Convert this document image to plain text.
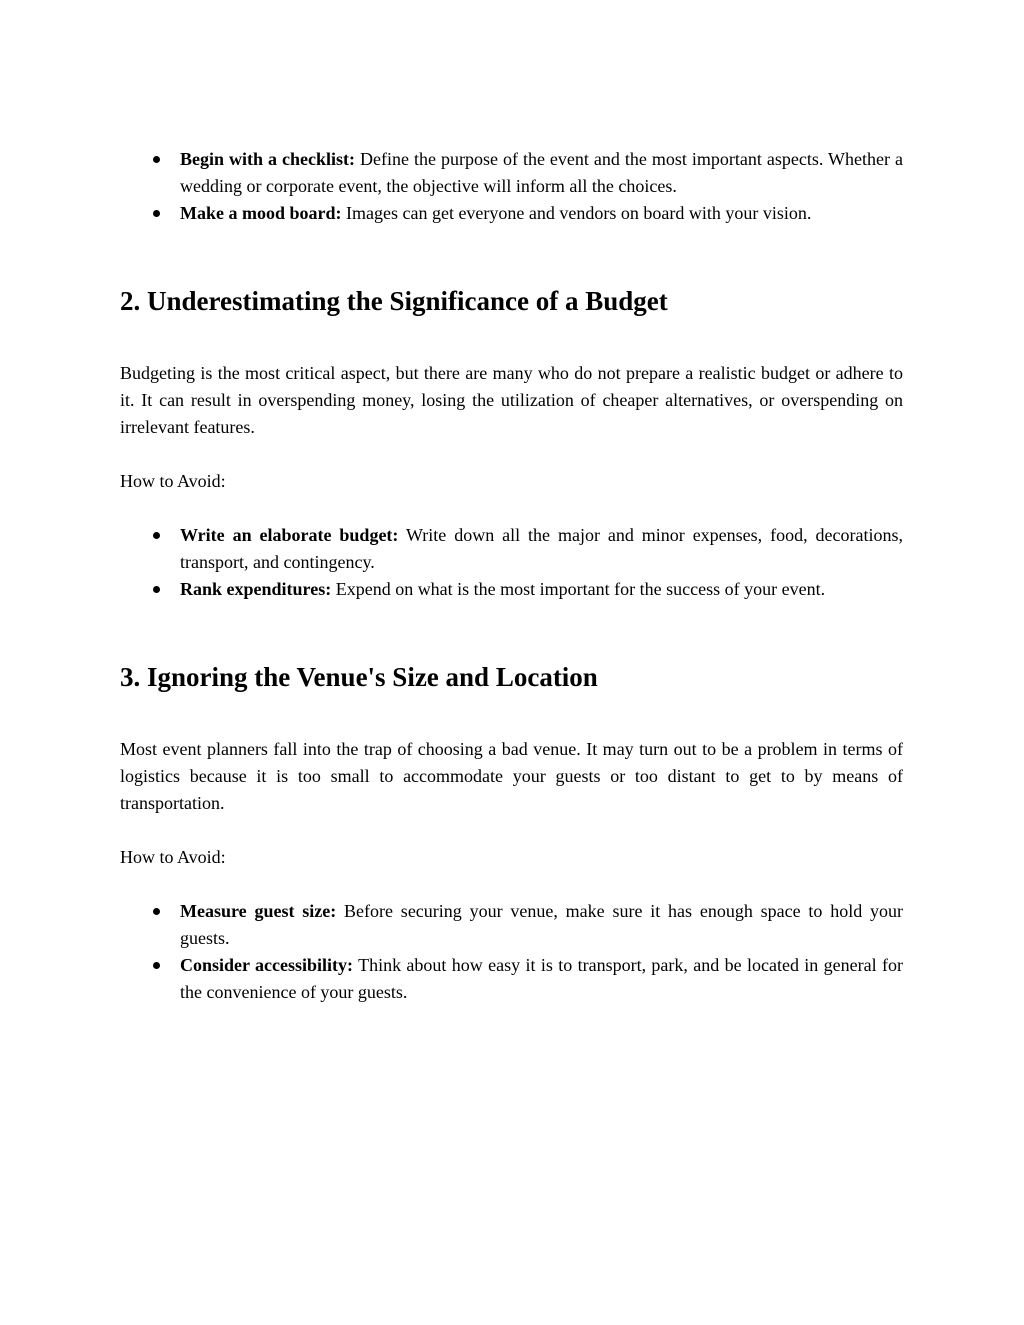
Begin with a checklist: Define the purpose of the event and the most important aspects. Whether a wedding or corporate event, the objective will inform all the choices.
Make a mood board: Images can get everyone and vendors on board with your vision.
2. Underestimating the Significance of a Budget

Budgeting is the most critical aspect, but there are many who do not prepare a realistic budget or adhere to it. It can result in overspending money, losing the utilization of cheaper alternatives, or overspending on irrelevant features.

How to Avoid:

Write an elaborate budget: Write down all the major and minor expenses, food, decorations, transport, and contingency.
Rank expenditures: Expend on what is the most important for the success of your event.
3. Ignoring the Venue's Size and Location

Most event planners fall into the trap of choosing a bad venue. It may turn out to be a problem in terms of logistics because it is too small to accommodate your guests or too distant to get to by means of transportation.

How to Avoid:

Measure guest size: Before securing your venue, make sure it has enough space to hold your guests.
Consider accessibility: Think about how easy it is to transport, park, and be located in general for the convenience of your guests.
